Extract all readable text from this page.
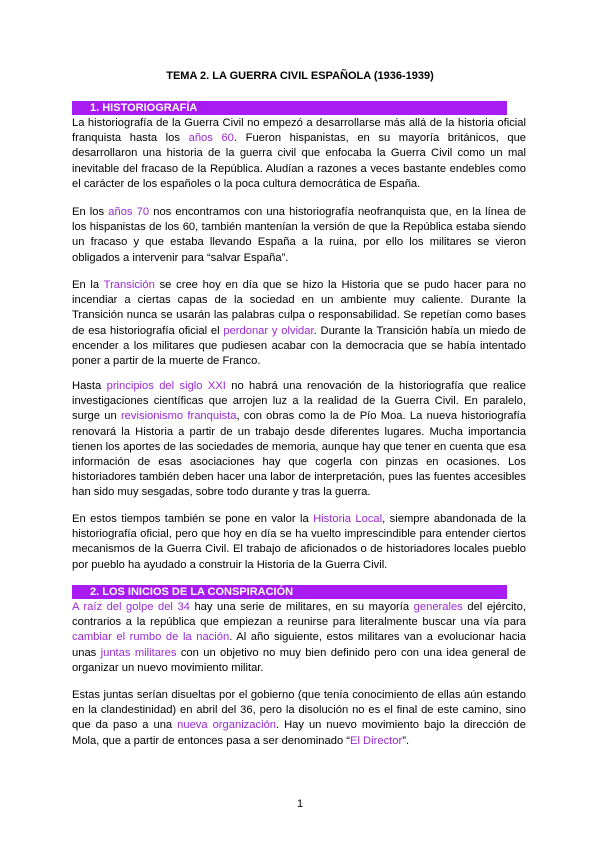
TEMA 2. LA GUERRA CIVIL ESPAÑOLA (1936-1939)
1. HISTORIOGRAFÍA

La historiografía de la Guerra Civil no empezó a desarrollarse más allá de la historia oficial franquista hasta los años 60. Fueron hispanistas, en su mayoría británicos, que desarrollaron una historia de la guerra civil que enfocaba la Guerra Civil como un mal inevitable del fracaso de la República. Aludían a razones a veces bastante endebles como el carácter de los españoles o la poca cultura democrática de España.

En los años 70 nos encontramos con una historiografía neofranquista que, en la línea de los hispanistas de los 60, también mantenían la versión de que la República estaba siendo un fracaso y que estaba llevando España a la ruina, por ello los militares se vieron obligados a intervenir para “salvar España”.

En la Transición se cree hoy en día que se hizo la Historia que se pudo hacer para no incendiar a ciertas capas de la sociedad en un ambiente muy caliente. Durante la Transición nunca se usarán las palabras culpa o responsabilidad. Se repetían como bases de esa historiografía oficial el perdonar y olvidar. Durante la Transición había un miedo de encender a los militares que pudiesen acabar con la democracia que se había intentado poner a partir de la muerte de Franco.

Hasta principios del siglo XXI no habrá una renovación de la historiografía que realice investigaciones científicas que arrojen luz a la realidad de la Guerra Civil. En paralelo, surge un revisionismo franquista, con obras como la de Pío Moa. La nueva historiografía renovará la Historia a partir de un trabajo desde diferentes lugares. Mucha importancia tienen los aportes de las sociedades de memoria, aunque hay que tener en cuenta que esa información de esas asociaciones hay que cogerla con pinzas en ocasiones. Los historiadores también deben hacer una labor de interpretación, pues las fuentes accesibles han sido muy sesgadas, sobre todo durante y tras la guerra.

En estos tiempos también se pone en valor la Historia Local, siempre abandonada de la historiografía oficial, pero que hoy en día se ha vuelto imprescindible para entender ciertos mecanismos de la Guerra Civil. El trabajo de aficionados o de historiadores locales pueblo por pueblo ha ayudado a construir la Historia de la Guerra Civil.

2. LOS INICIOS DE LA CONSPIRACIÓN

A raíz del golpe del 34 hay una serie de militares, en su mayoría generales del ejército, contrarios a la república que empiezan a reunirse para literalmente buscar una vía para cambiar el rumbo de la nación. Al año siguiente, estos militares van a evolucionar hacia unas juntas militares con un objetivo no muy bien definido pero con una idea general de organizar un nuevo movimiento militar.

Estas juntas serían disueltas por el gobierno (que tenía conocimiento de ellas aún estando en la clandestinidad) en abril del 36, pero la disolución no es el final de este camino, sino que da paso a una nueva organización. Hay un nuevo movimiento bajo la dirección de Mola, que a partir de entonces pasa a ser denominado “El Director”.

1
